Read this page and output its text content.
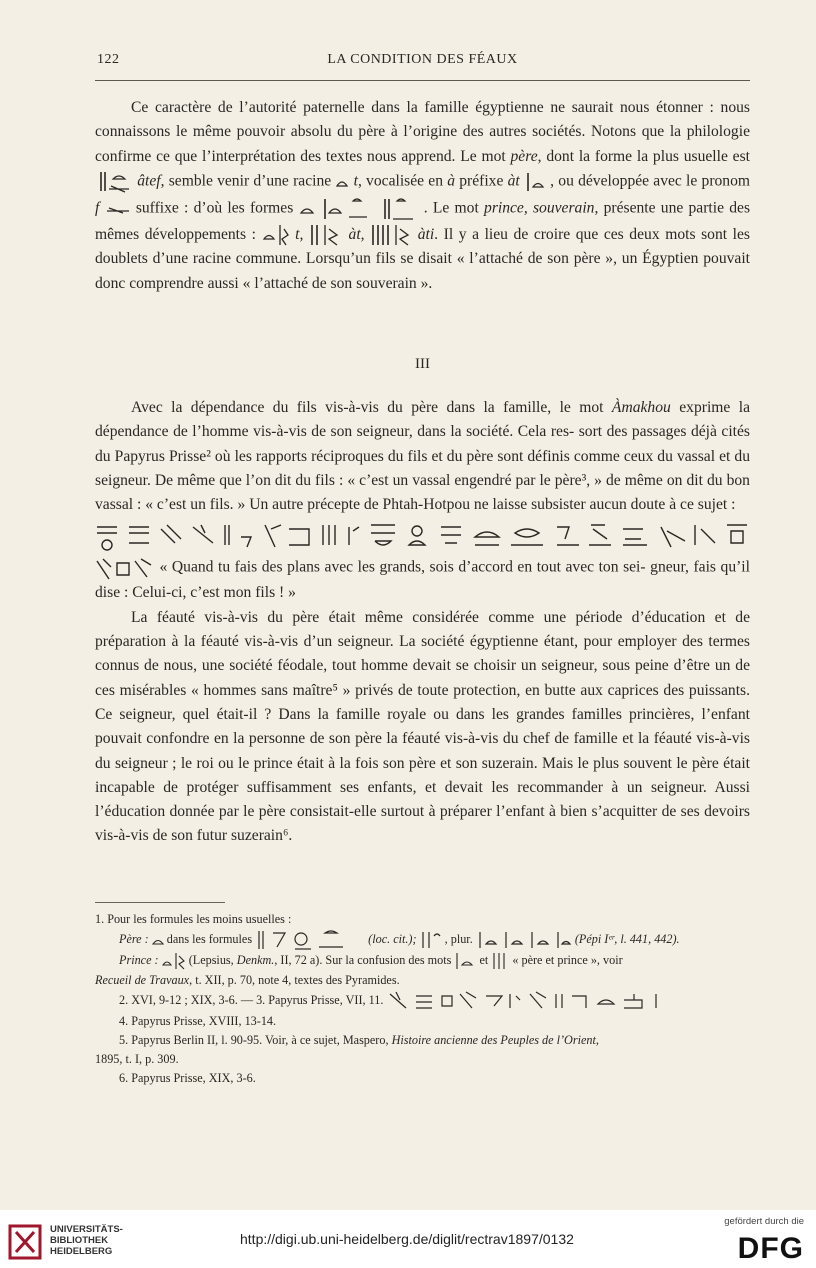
122	LA CONDITION DES FÉAUX

Ce caractère de l’autorité paternelle dans la famille égyptienne ne saurait nous étonner : nous connaissons le même pouvoir absolu du père à l’origine des autres sociétés. Notons que la philologie confirme ce que l’interprétation des textes nous apprend. Le mot père, dont la forme la plus usuelle est  âtef, semble venir d’une racine t, vocalisée en à préfixe àt , ou développée avec le pronom f  suffixe : d’où les formes	. Le mot prince, souverain, présente une partie des mêmes développements :	t,	àt,	àti. Il y a lieu de croire que ces deux mots sont les doublets d’une racine commune. Lorsqu’un fils se disait « l’attaché de son père », un Égyptien pouvait donc comprendre aussi « l’attaché de son souverain ».

III

Avec la dépendance du fils vis-à-vis du père dans la famille, le mot Àmakhou exprime la dépendance de l’homme vis-à-vis de son seigneur, dans la société. Cela res- sort des passages déjà cités du Papyrus Prisse² où les rapports réciproques du fils et du père sont définis comme ceux du vassal et du seigneur. De même que l’on dit du fils : « c’est un vassal engendré par le père³, » de même on dit du bon vassal : « c’est un fils. » Un autre précepte de Phtah-Hotpou ne laisse subsister aucun doute à ce sujet :

« Quand tu fais des plans avec les grands, sois d’accord en tout avec ton sei- gneur, fais qu’il dise : Celui-ci, c’est mon fils ! »

La féauté vis-à-vis du père était même considérée comme une période d’éducation et de préparation à la féauté vis-à-vis d’un seigneur. La société égyptienne étant, pour employer des termes connus de nous, une société féodale, tout homme devait se choisir un seigneur, sous peine d’être un de ces misérables « hommes sans maître⁵ » privés de toute protection, en butte aux caprices des puissants. Ce seigneur, quel était-il ? Dans la famille royale ou dans les grandes familles princières, l’enfant pouvait confondre en la personne de son père la féauté vis-à-vis du chef de famille et la féauté vis-à-vis du seigneur ; le roi ou le prince était à la fois son père et son suzerain. Mais le plus souvent le père était incapable de protéger suffisamment ses enfants, et devait les recommander à un seigneur. Aussi l’éducation donnée par le père consistait-elle surtout à préparer l’enfant à bien s’acquitter de ses devoirs vis-à-vis de son futur suzerain⁶.

1. Pour les formules les moins usuelles :
Père :  dans les formules	(loc. cit.); , plur.	(Pépi Iᵉʳ, l. 441, 442).
Prince : (Lepsius, Denkm., II, 72 a). Sur la confusion des mots et « père et prince », voir
Recueil de Travaux, t. XII, p. 70, note 4, textes des Pyramides.
2. XVI, 9-12 ; XIX, 3-6. — 3. Papyrus Prisse, VII, 11.
4. Papyrus Prisse, XVIII, 13-14.
5. Papyrus Berlin II, l. 90-95. Voir, à ce sujet, Maspero, Histoire ancienne des Peuples de l’Orient,
1895, t. I, p. 309.
6. Papyrus Prisse, XIX, 3-6.
UNIVERSITÄTS-
BIBLIOTHEK
HEIDELBERG
http://digi.ub.uni-heidelberg.de/diglit/rectrav1897/0132
gefördert durch die
DFG
